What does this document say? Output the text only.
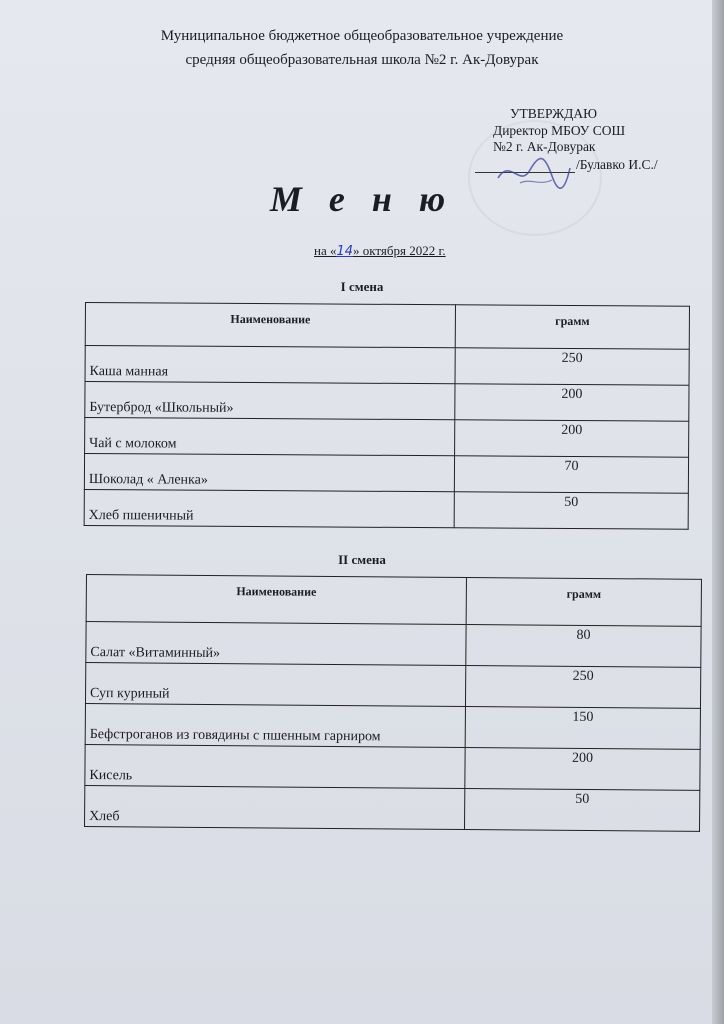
Муниципальное бюджетное общеобразовательное учреждение
средняя общеобразовательная школа №2 г. Ак-Довурак
УТВЕРЖДАЮ
Директор МБОУ СОШ
№2 г. Ак-Довурак
/Булавко И.С./
М е н ю
на «14» октября 2022 г.
I смена
Наименование	грамм
Каша манная	250
Бутерброд «Школьный»	200
Чай с молоком	200
Шоколад « Аленка»	70
Хлеб пшеничный	50
II смена
Наименование	грамм
Салат «Витаминный»	80
Суп куриный	250
Бефстроганов из говядины с пшенным гарниром	150
Кисель	200
Хлеб	50
